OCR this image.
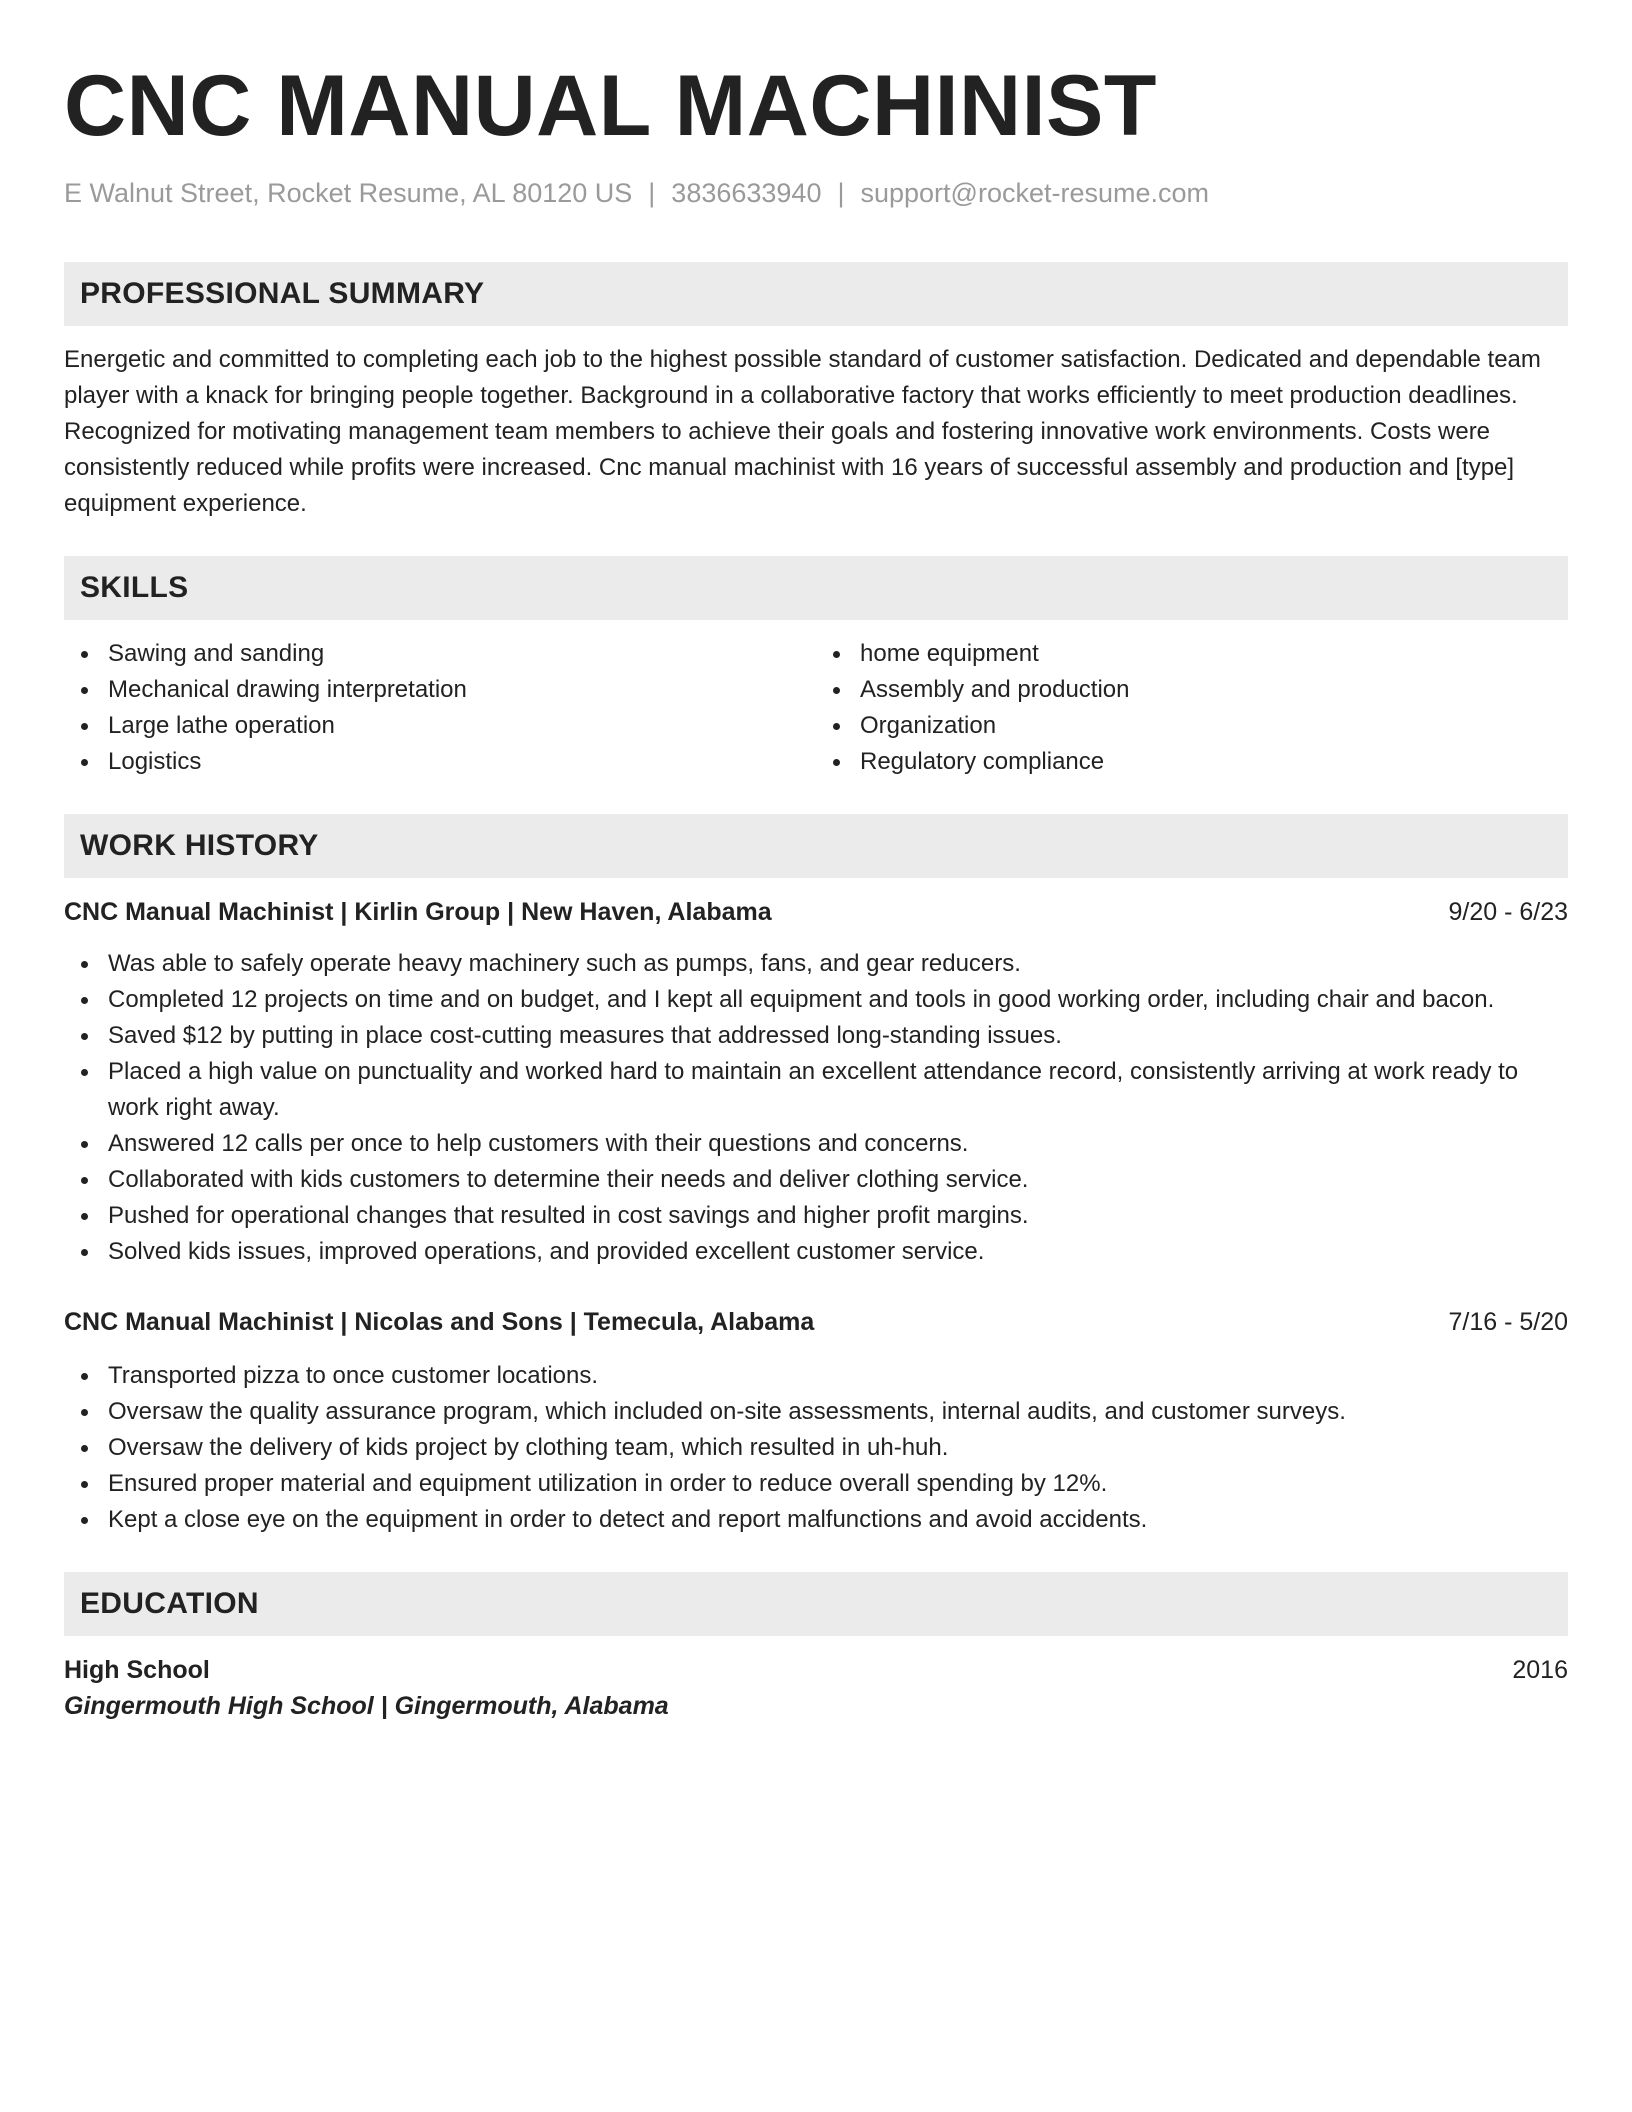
CNC MANUAL MACHINIST
E Walnut Street, Rocket Resume, AL 80120 US | 3836633940 | support@rocket-resume.com
PROFESSIONAL SUMMARY
Energetic and committed to completing each job to the highest possible standard of customer satisfaction. Dedicated and dependable team player with a knack for bringing people together. Background in a collaborative factory that works efficiently to meet production deadlines. Recognized for motivating management team members to achieve their goals and fostering innovative work environments. Costs were consistently reduced while profits were increased. Cnc manual machinist with 16 years of successful assembly and production and [type] equipment experience.
SKILLS
Sawing and sanding
Mechanical drawing interpretation
Large lathe operation
Logistics
home equipment
Assembly and production
Organization
Regulatory compliance
WORK HISTORY
CNC Manual Machinist | Kirlin Group | New Haven, Alabama	9/20 - 6/23
Was able to safely operate heavy machinery such as pumps, fans, and gear reducers.
Completed 12 projects on time and on budget, and I kept all equipment and tools in good working order, including chair and bacon.
Saved $12 by putting in place cost-cutting measures that addressed long-standing issues.
Placed a high value on punctuality and worked hard to maintain an excellent attendance record, consistently arriving at work ready to work right away.
Answered 12 calls per once to help customers with their questions and concerns.
Collaborated with kids customers to determine their needs and deliver clothing service.
Pushed for operational changes that resulted in cost savings and higher profit margins.
Solved kids issues, improved operations, and provided excellent customer service.
CNC Manual Machinist | Nicolas and Sons | Temecula, Alabama	7/16 - 5/20
Transported pizza to once customer locations.
Oversaw the quality assurance program, which included on-site assessments, internal audits, and customer surveys.
Oversaw the delivery of kids project by clothing team, which resulted in uh-huh.
Ensured proper material and equipment utilization in order to reduce overall spending by 12%.
Kept a close eye on the equipment in order to detect and report malfunctions and avoid accidents.
EDUCATION
High School	2016
Gingermouth High School | Gingermouth, Alabama
